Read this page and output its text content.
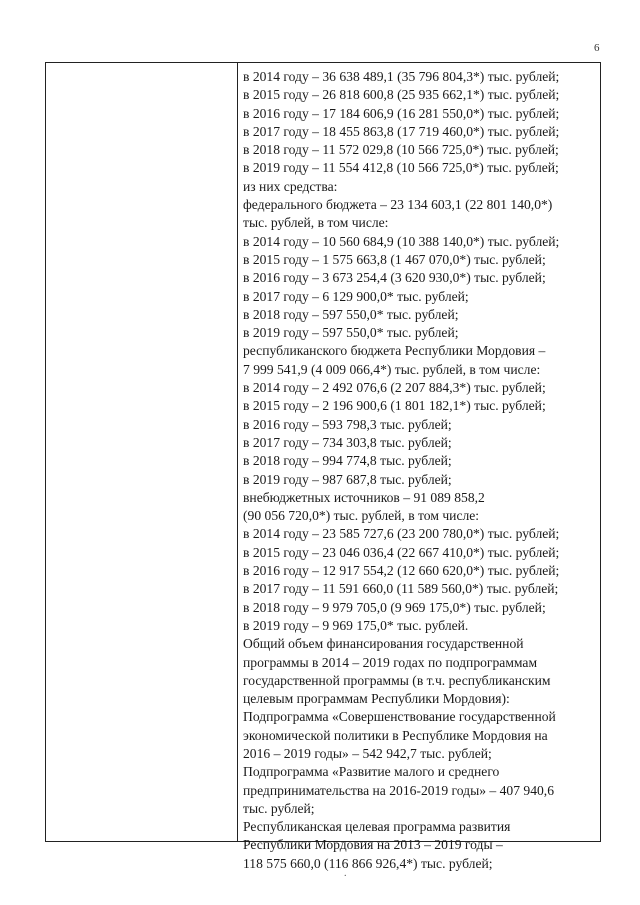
6
в 2014 году – 36 638 489,1 (35 796 804,3*) тыс. рублей;
в 2015 году – 26 818 600,8 (25 935 662,1*) тыс. рублей;
в 2016 году – 17 184 606,9 (16 281 550,0*) тыс. рублей;
в 2017 году – 18 455 863,8 (17 719 460,0*) тыс. рублей;
в 2018 году – 11 572 029,8 (10 566 725,0*) тыс. рублей;
в 2019 году – 11 554 412,8 (10 566 725,0*) тыс. рублей;
из них средства:
федерального бюджета – 23 134 603,1 (22 801 140,0*)
тыс. рублей, в том числе:
в 2014 году – 10 560 684,9 (10 388 140,0*) тыс. рублей;
в 2015 году – 1 575 663,8 (1 467 070,0*) тыс. рублей;
в 2016 году – 3 673 254,4 (3 620 930,0*) тыс. рублей;
в 2017 году – 6 129 900,0* тыс. рублей;
в 2018 году – 597 550,0* тыс. рублей;
в 2019 году – 597 550,0* тыс. рублей;
республиканского бюджета Республики Мордовия –
7 999 541,9 (4 009 066,4*) тыс. рублей, в том числе:
в 2014 году – 2 492 076,6 (2 207 884,3*) тыс. рублей;
в 2015 году – 2 196 900,6 (1 801 182,1*) тыс. рублей;
в 2016 году – 593 798,3 тыс. рублей;
в 2017 году – 734 303,8 тыс. рублей;
в 2018 году – 994 774,8 тыс. рублей;
в 2019 году – 987 687,8 тыс. рублей;
внебюджетных источников – 91 089 858,2
(90 056 720,0*) тыс. рублей, в том числе:
в 2014 году – 23 585 727,6 (23 200 780,0*) тыс. рублей;
в 2015 году – 23 046 036,4 (22 667 410,0*) тыс. рублей;
в 2016 году – 12 917 554,2 (12 660 620,0*) тыс. рублей;
в 2017 году – 11 591 660,0 (11 589 560,0*) тыс. рублей;
в 2018 году – 9 979 705,0 (9 969 175,0*) тыс. рублей;
в 2019 году – 9 969 175,0* тыс. рублей.
Общий объем финансирования государственной
программы в 2014 – 2019 годах по подпрограммам
государственной программы (в т.ч. республиканским
целевым программам Республики Мордовия):
Подпрограмма «Совершенствование государственной
экономической политики в Республике Мордовия на
2016 – 2019 годы» – 542 942,7 тыс. рублей;
Подпрограмма «Развитие малого и среднего
предпринимательства на 2016-2019 годы» – 407 940,6
тыс. рублей;
Республиканская целевая программа развития
Республики Мордовия на 2013 – 2019 годы –
118 575 660,0 (116 866 926,4*) тыс. рублей;
.
